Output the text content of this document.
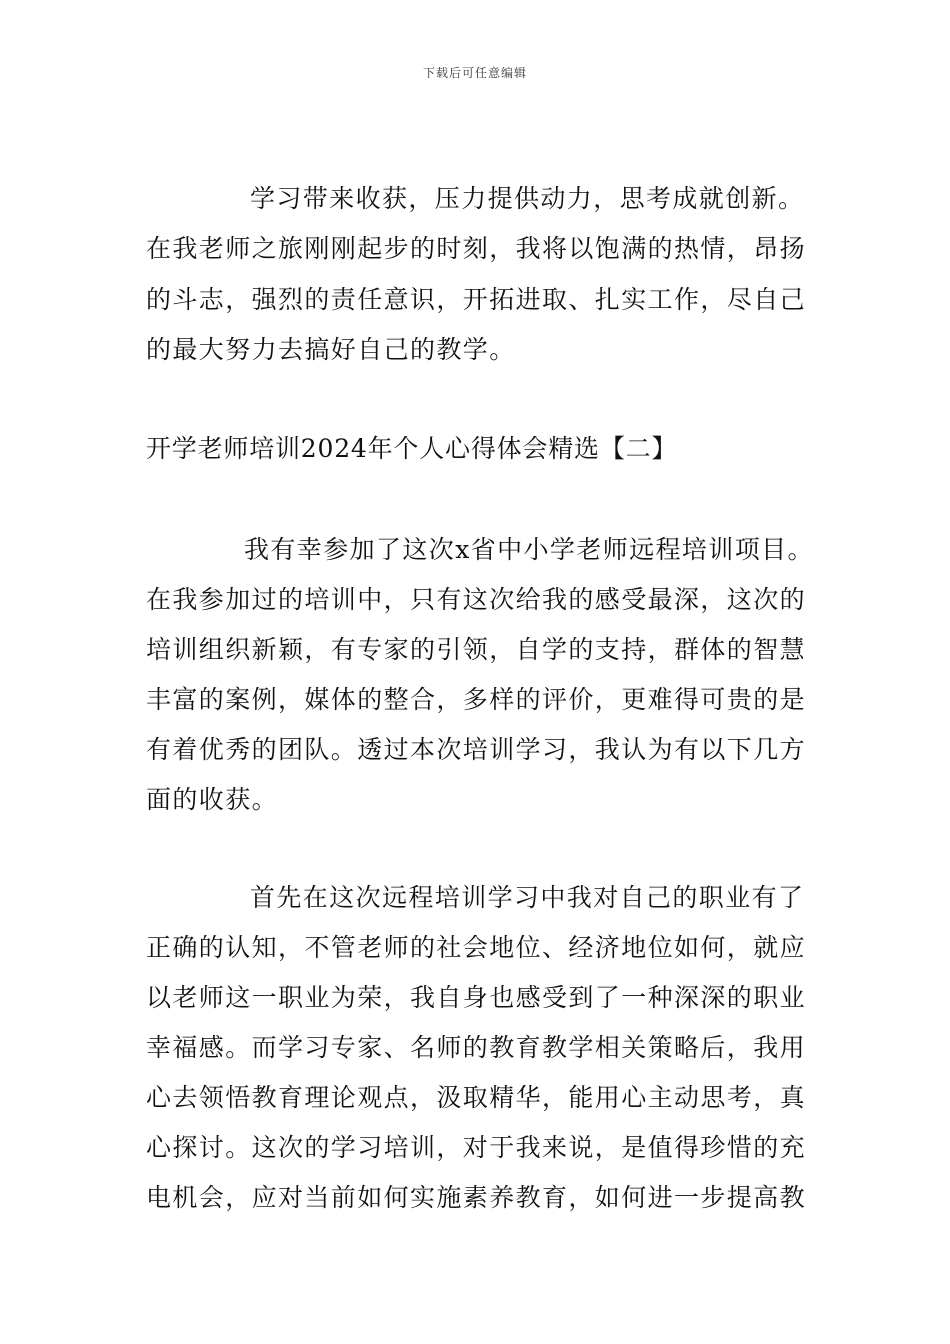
下载后可任意编辑
学习带来收获，压力提供动力，思考成就创新。
在我老师之旅刚刚起步的时刻，我将以饱满的热情，昂扬
的斗志，强烈的责任意识，开拓进取、扎实工作，尽自己
的最大努力去搞好自己的教学。
开学老师培训2024年个人心得体会精选【二】
我有幸参加了这次x省中小学老师远程培训项目。
在我参加过的培训中，只有这次给我的感受最深，这次的
培训组织新颖，有专家的引领，自学的支持，群体的智慧
丰富的案例，媒体的整合，多样的评价，更难得可贵的是
有着优秀的团队。透过本次培训学习，我认为有以下几方
面的收获。
首先在这次远程培训学习中我对自己的职业有了
正确的认知，不管老师的社会地位、经济地位如何，就应
以老师这一职业为荣，我自身也感受到了一种深深的职业
幸福感。而学习专家、名师的教育教学相关策略后，我用
心去领悟教育理论观点，汲取精华，能用心主动思考，真
心探讨。这次的学习培训，对于我来说，是值得珍惜的充
电机会，应对当前如何实施素养教育，如何进一步提高教
